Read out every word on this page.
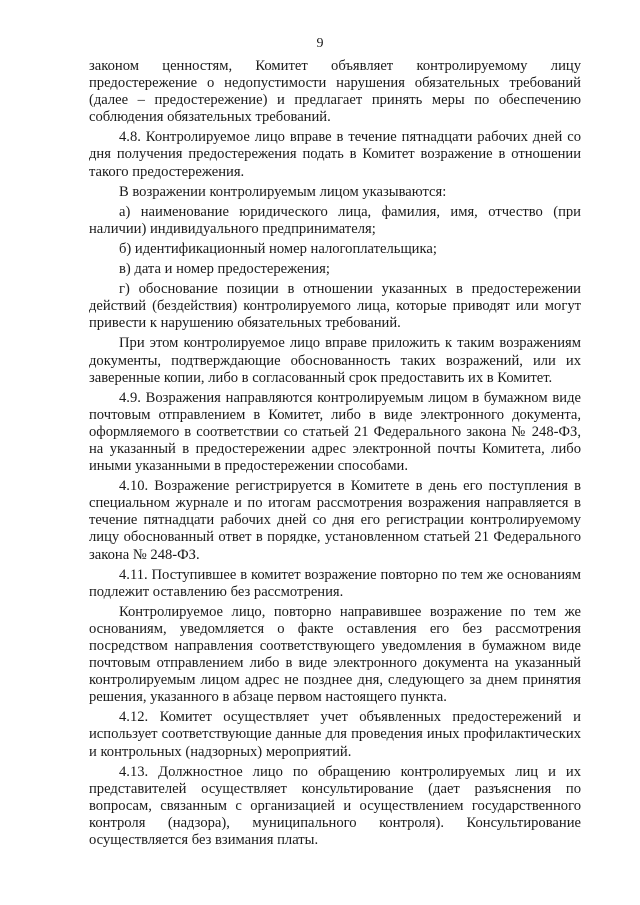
9

законом ценностям, Комитет объявляет контролируемому лицу предостережение о недопустимости нарушения обязательных требований (далее – предостережение) и предлагает принять меры по обеспечению соблюдения обязательных требований.

4.8. Контролируемое лицо вправе в течение пятнадцати рабочих дней со дня получения предостережения подать в Комитет возражение в отношении такого предостережения.

В возражении контролируемым лицом указываются:

а) наименование юридического лица, фамилия, имя, отчество (при наличии) индивидуального предпринимателя;

б) идентификационный номер налогоплательщика;

в) дата и номер предостережения;

г) обоснование позиции в отношении указанных в предостережении действий (бездействия) контролируемого лица, которые приводят или могут привести к нарушению обязательных требований.

При этом контролируемое лицо вправе приложить к таким возражениям документы, подтверждающие обоснованность таких возражений, или их заверенные копии, либо в согласованный срок предоставить их в Комитет.

4.9. Возражения направляются контролируемым лицом в бумажном виде почтовым отправлением в Комитет, либо в виде электронного документа, оформляемого в соответствии со статьей 21 Федерального закона № 248-ФЗ, на указанный в предостережении адрес электронной почты Комитета, либо иными указанными в предостережении способами.

4.10. Возражение регистрируется в Комитете в день его поступления в специальном журнале и по итогам рассмотрения возражения направляется в течение пятнадцати рабочих дней со дня его регистрации контролируемому лицу обоснованный ответ в порядке, установленном статьей 21 Федерального закона № 248-ФЗ.

4.11. Поступившее в комитет возражение повторно по тем же основаниям подлежит оставлению без рассмотрения.

Контролируемое лицо, повторно направившее возражение по тем же основаниям, уведомляется о факте оставления его без рассмотрения посредством направления соответствующего уведомления в бумажном виде почтовым отправлением либо в виде электронного документа на указанный контролируемым лицом адрес не позднее дня, следующего за днем принятия решения, указанного в абзаце первом настоящего пункта.

4.12. Комитет осуществляет учет объявленных предостережений и использует соответствующие данные для проведения иных профилактических и контрольных (надзорных) мероприятий.

4.13. Должностное лицо по обращению контролируемых лиц и их представителей осуществляет консультирование (дает разъяснения по вопросам, связанным с организацией и осуществлением государственного контроля (надзора), муниципального контроля). Консультирование осуществляется без взимания платы.
